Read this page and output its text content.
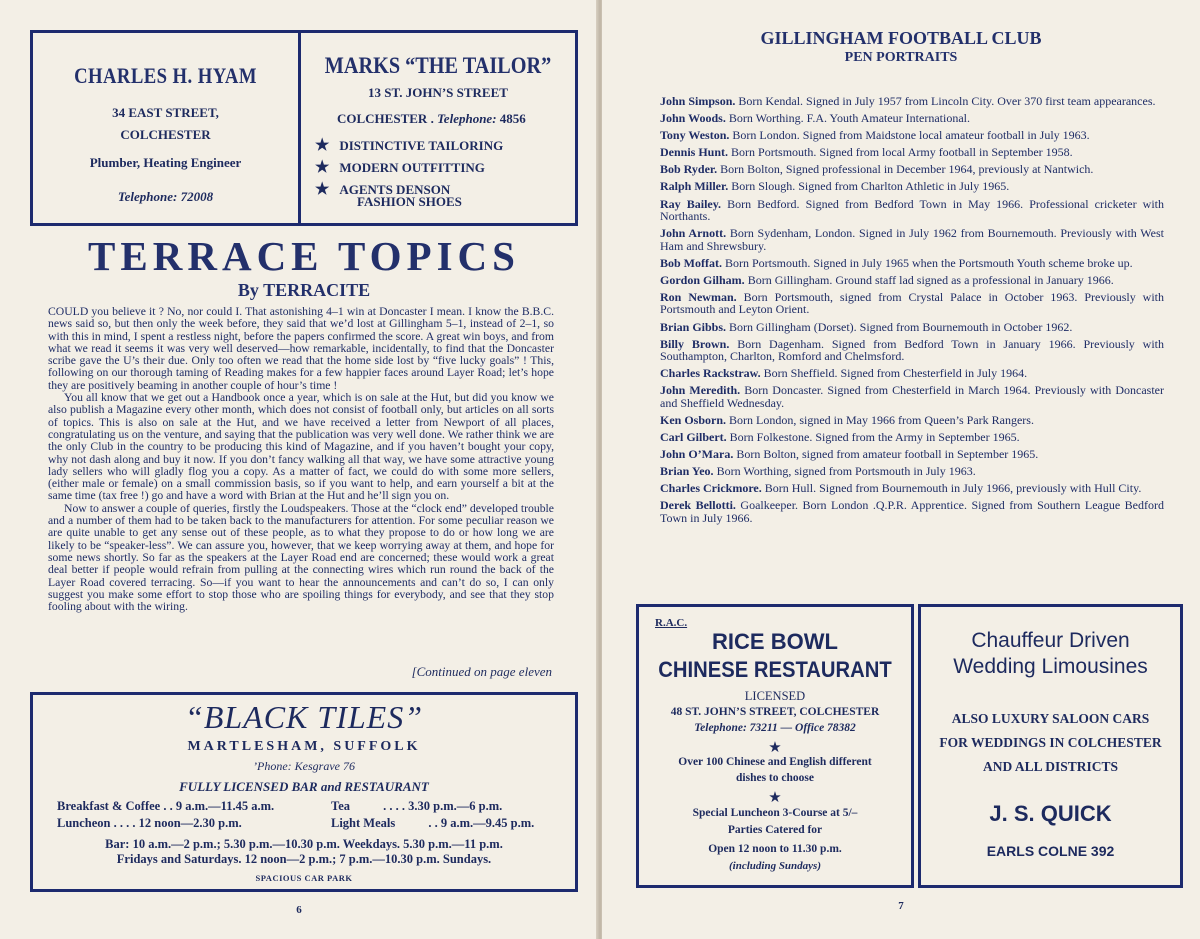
CHARLES H. HYAM
34 EAST STREET,
COLCHESTER
Plumber, Heating Engineer
Telephone: 72008
MARKS “THE TAILOR”
13 ST. JOHN’S STREET
COLCHESTER . Telephone: 4856
★ DISTINCTIVE TAILORING
★ MODERN OUTFITTING
★ AGENTS DENSON
FASHION SHOES
TERRACE TOPICS
By TERRACITE

COULD you believe it ? No, nor could I. That astonishing 4–1 win at Doncaster I mean. I know the B.B.C. news said so, but then only the week before, they said that we’d lost at Gillingham 5–1, instead of 2–1, so with this in mind, I spent a restless night, before the papers confirmed the score. A great win boys, and from what we read it seems it was very well deserved—how remarkable, incidentally, to find that the Doncaster scribe gave the U’s their due. Only too often we read that the home side lost by “five lucky goals” ! This, following on our thorough taming of Reading makes for a few happier faces around Layer Road; let’s hope they are positively beaming in another couple of hour’s time !

You all know that we get out a Handbook once a year, which is on sale at the Hut, but did you know we also publish a Magazine every other month, which does not consist of football only, but articles on all sorts of topics. This is also on sale at the Hut, and we have received a letter from Newport of all places, congratulating us on the venture, and saying that the publication was very well done. We rather think we are the only Club in the country to be producing this kind of Magazine, and if you haven’t bought your copy, why not dash along and buy it now. If you don’t fancy walking all that way, we have some attractive young lady sellers who will gladly flog you a copy. As a matter of fact, we could do with some more sellers, (either male or female) on a small commission basis, so if you want to help, and earn yourself a bit at the same time (tax free !) go and have a word with Brian at the Hut and he’ll sign you on.

Now to answer a couple of queries, firstly the Loudspeakers. Those at the “clock end” developed trouble and a number of them had to be taken back to the manufacturers for attention. For some peculiar reason we are quite unable to get any sense out of these people, as to what they propose to do or how long we are likely to be “speaker-less”. We can assure you, however, that we keep worrying away at them, and hope for some news shortly. So far as the speakers at the Layer Road end are concerned; these would work a great deal better if people would refrain from pulling at the connecting wires which run round the back of the Layer Road covered terracing. So—if you want to hear the announcements and can’t do so, I can only suggest you make some effort to stop those who are spoiling things for everybody, and see that they stop fooling about with the wiring.

[Continued on page eleven
“BLACK TILES”
MARTLESHAM, SUFFOLK
’Phone: Kesgrave 76
FULLY LICENSED BAR and RESTAURANT
Breakfast & Coffee . . 9 a.m.—11.45 a.m.	Tea	. . . . 3.30 p.m.—6 p.m.
Luncheon . . . . 12 noon—2.30 p.m.	Light Meals	. . 9 a.m.—9.45 p.m.
Bar: 10 a.m.—2 p.m.; 5.30 p.m.—10.30 p.m. Weekdays. 5.30 p.m.—11 p.m.
Fridays and Saturdays. 12 noon—2 p.m.; 7 p.m.—10.30 p.m. Sundays.
SPACIOUS CAR PARK
6
GILLINGHAM FOOTBALL CLUB
PEN PORTRAITS

John Simpson. Born Kendal. Signed in July 1957 from Lincoln City. Over 370 first team appearances.

John Woods. Born Worthing. F.A. Youth Amateur International.

Tony Weston. Born London. Signed from Maidstone local amateur football in July 1963.

Dennis Hunt. Born Portsmouth. Signed from local Army football in September 1958.

Bob Ryder. Born Bolton, Signed professional in December 1964, previously at Nantwich.

Ralph Miller. Born Slough. Signed from Charlton Athletic in July 1965.

Ray Bailey. Born Bedford. Signed from Bedford Town in May 1966. Professional cricketer with Northants.

John Arnott. Born Sydenham, London. Signed in July 1962 from Bournemouth. Previously with West Ham and Shrewsbury.

Bob Moffat. Born Portsmouth. Signed in July 1965 when the Portsmouth Youth scheme broke up.

Gordon Gilham. Born Gillingham. Ground staff lad signed as a professional in January 1966.

Ron Newman. Born Portsmouth, signed from Crystal Palace in October 1963. Previously with Portsmouth and Leyton Orient.

Brian Gibbs. Born Gillingham (Dorset). Signed from Bournemouth in October 1962.

Billy Brown. Born Dagenham. Signed from Bedford Town in January 1966. Previously with Southampton, Charlton, Romford and Chelmsford.

Charles Rackstraw. Born Sheffield. Signed from Chesterfield in July 1964.

John Meredith. Born Doncaster. Signed from Chesterfield in March 1964. Previously with Doncaster and Sheffield Wednesday.

Ken Osborn. Born London, signed in May 1966 from Queen’s Park Rangers.

Carl Gilbert. Born Folkestone. Signed from the Army in September 1965.

John O’Mara. Born Bolton, signed from amateur football in September 1965.

Brian Yeo. Born Worthing, signed from Portsmouth in July 1963.

Charles Crickmore. Born Hull. Signed from Bournemouth in July 1966, previously with Hull City.

Derek Bellotti. Goalkeeper. Born London .Q.P.R. Apprentice. Signed from Southern League Bedford Town in July 1966.

R.A.C.
RICE BOWL
CHINESE RESTAURANT
LICENSED
48 ST. JOHN’S STREET, COLCHESTER
Telephone: 73211 — Office 78382
★
Over 100 Chinese and English different
dishes to choose
★
Special Luncheon 3-Course at 5/–
Parties Catered for
Open 12 noon to 11.30 p.m.
(including Sundays)
Chauffeur Driven
Wedding Limousines
ALSO LUXURY SALOON CARS
FOR WEDDINGS IN COLCHESTER
AND ALL DISTRICTS
J. S. QUICK
EARLS COLNE 392
7
